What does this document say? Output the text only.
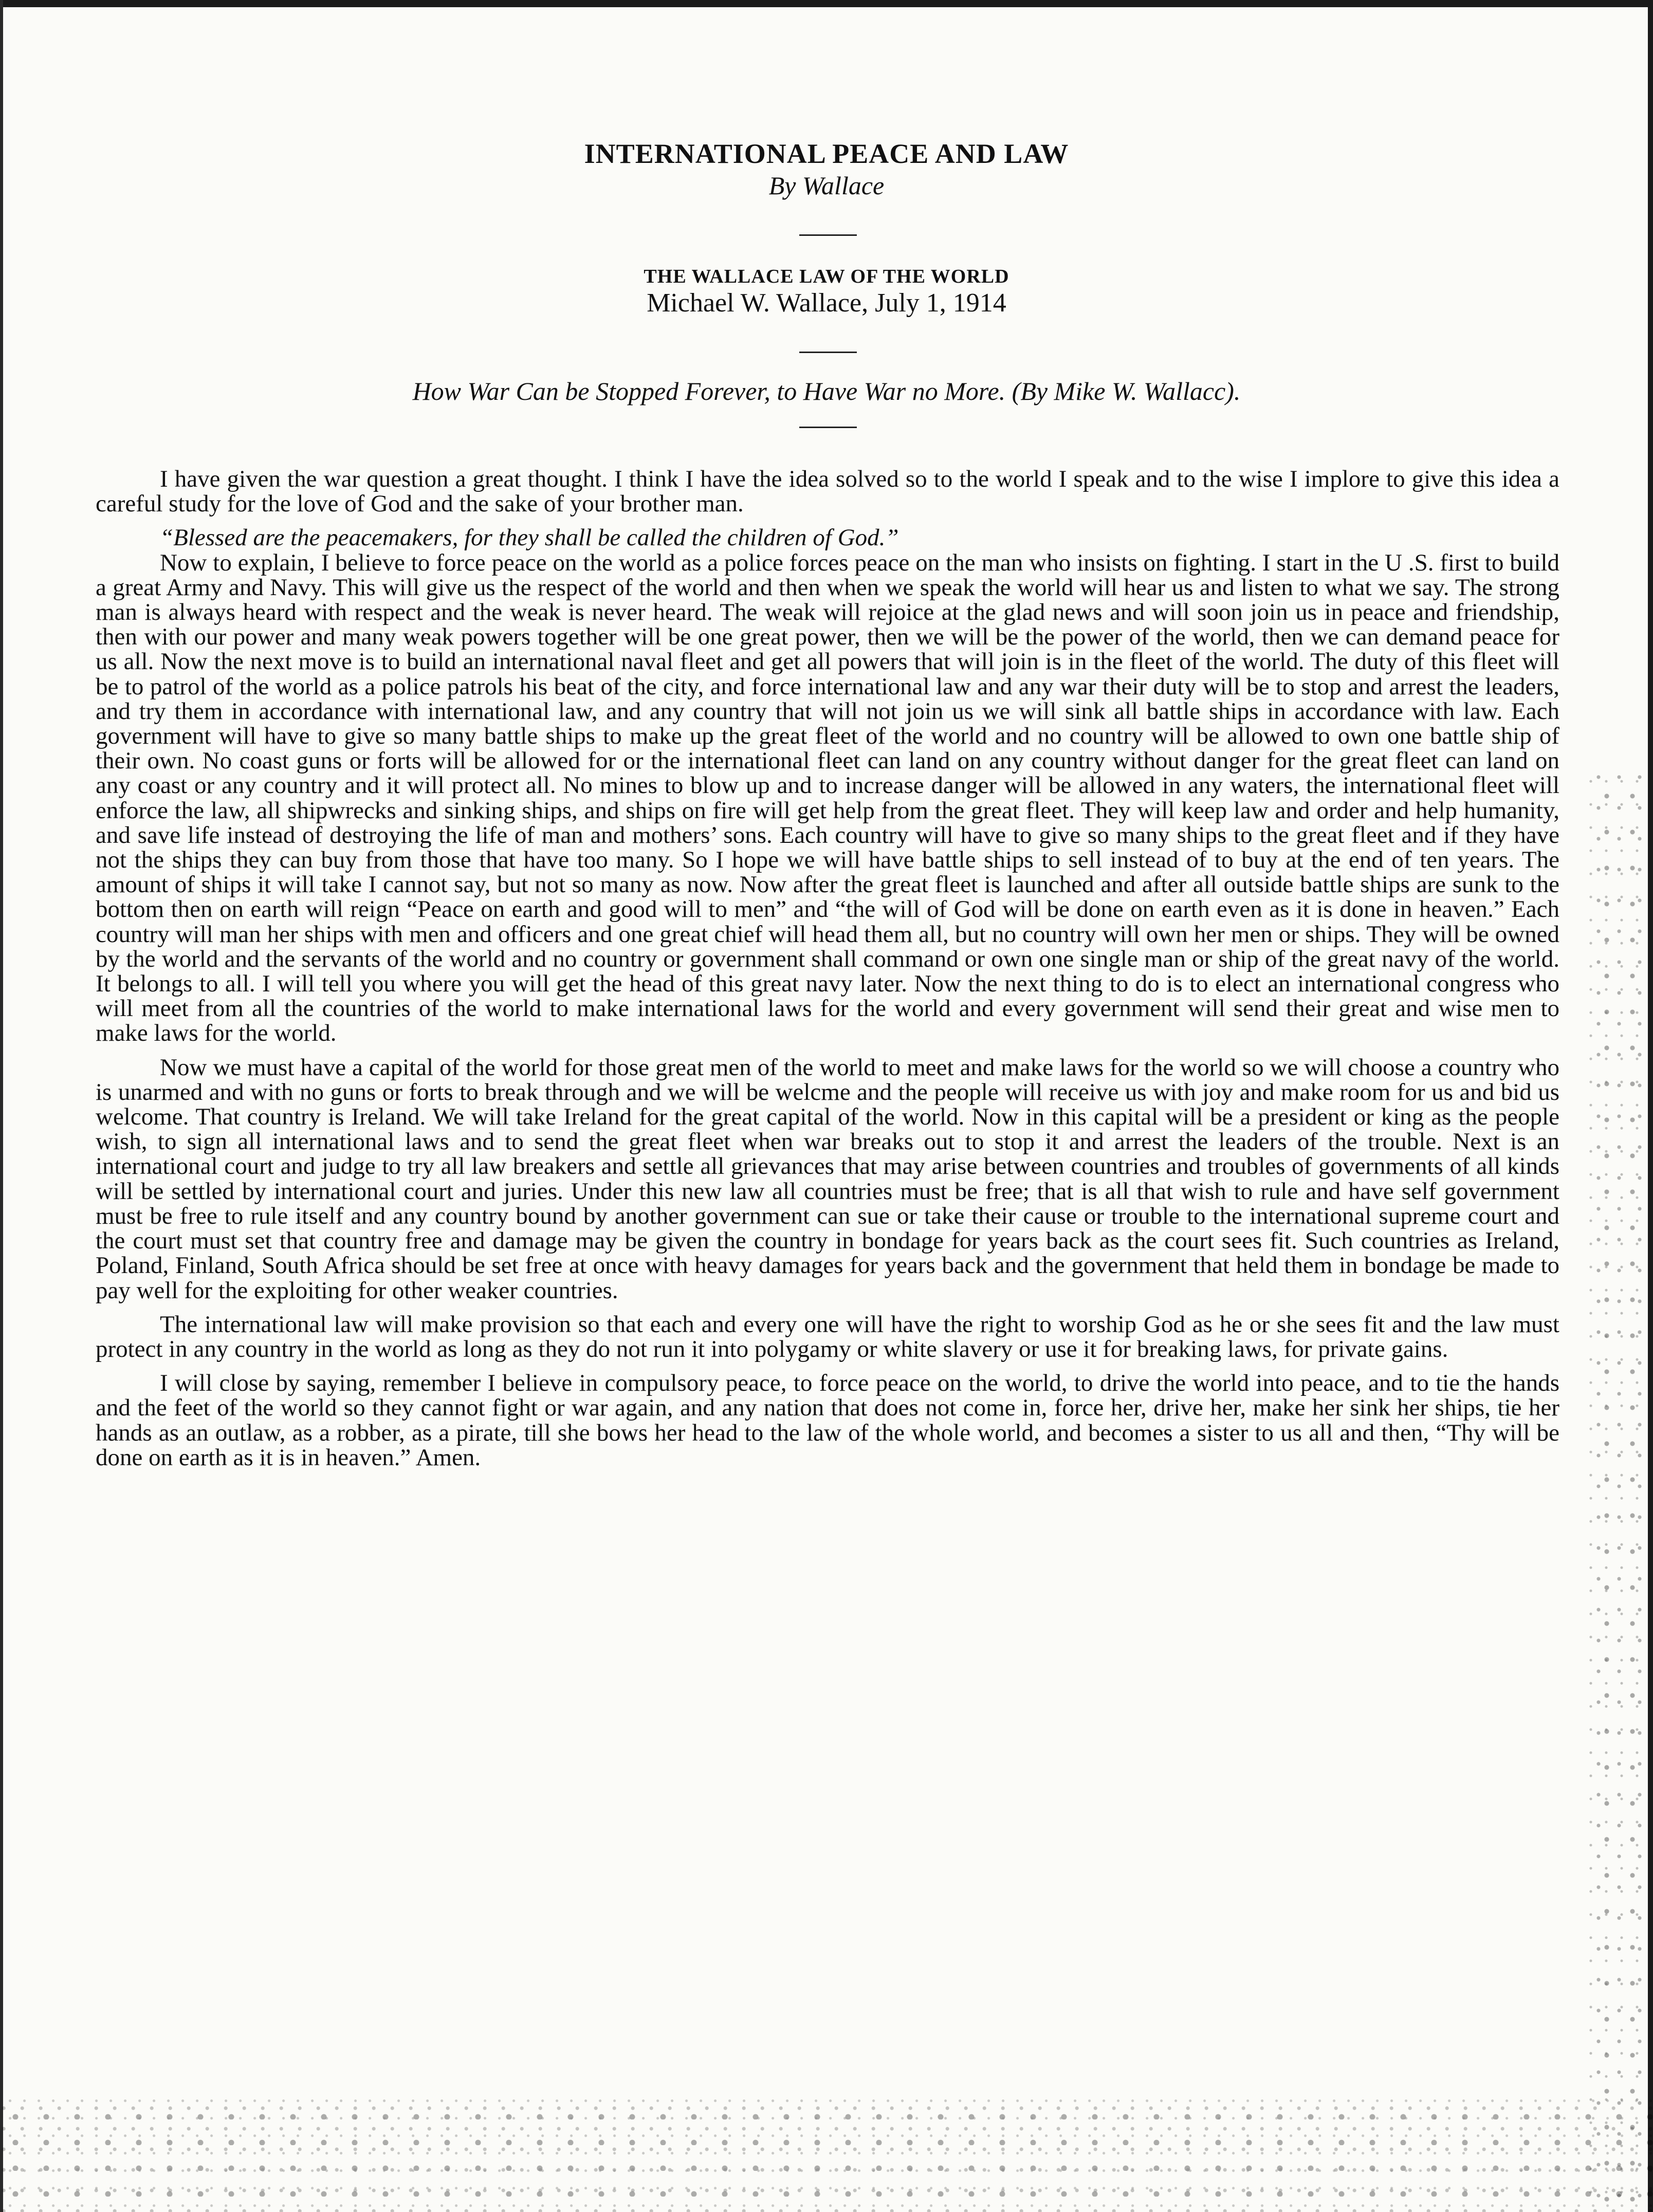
INTERNATIONAL PEACE AND LAW
By Wallace
THE WALLACE LAW OF THE WORLD
Michael W. Wallace, July 1, 1914
How War Can be Stopped Forever, to Have War no More. (By Mike W. Wallacc).

I have given the war question a great thought. I think I have the idea solved so to the world I speak and to the wise I implore to give this idea a careful study for the love of God and the sake of your brother man.

“Blessed are the peacemakers, for they shall be called the children of God.”

Now to explain, I believe to force peace on the world as a police forces peace on the man who insists on fighting. I start in the U .S. first to build a great Army and Navy. This will give us the respect of the world and then when we speak the world will hear us and listen to what we say. The strong man is always heard with respect and the weak is never heard. The weak will rejoice at the glad news and will soon join us in peace and friendship, then with our power and many weak powers together will be one great power, then we will be the power of the world, then we can demand peace for us all. Now the next move is to build an international naval fleet and get all powers that will join is in the fleet of the world. The duty of this fleet will be to patrol of the world as a police patrols his beat of the city, and force international law and any war their duty will be to stop and arrest the leaders, and try them in accordance with international law, and any country that will not join us we will sink all battle ships in accordance with law. Each government will have to give so many battle ships to make up the great fleet of the world and no country will be allowed to own one battle ship of their own. No coast guns or forts will be allowed for or the international fleet can land on any country without danger for the great fleet can land on any coast or any country and it will protect all. No mines to blow up and to increase danger will be allowed in any waters, the international fleet will enforce the law, all shipwrecks and sinking ships, and ships on fire will get help from the great fleet. They will keep law and order and help humanity, and save life instead of destroying the life of man and mothers’ sons. Each country will have to give so many ships to the great fleet and if they have not the ships they can buy from those that have too many. So I hope we will have battle ships to sell instead of to buy at the end of ten years. The amount of ships it will take I cannot say, but not so many as now. Now after the great fleet is launched and after all outside battle ships are sunk to the bottom then on earth will reign “Peace on earth and good will to men” and “the will of God will be done on earth even as it is done in heaven.” Each country will man her ships with men and officers and one great chief will head them all, but no country will own her men or ships. They will be owned by the world and the servants of the world and no country or government shall command or own one single man or ship of the great navy of the world. It belongs to all. I will tell you where you will get the head of this great navy later. Now the next thing to do is to elect an international congress who will meet from all the countries of the world to make international laws for the world and every government will send their great and wise men to make laws for the world.

Now we must have a capital of the world for those great men of the world to meet and make laws for the world so we will choose a country who is unarmed and with no guns or forts to break through and we will be welcme and the people will receive us with joy and make room for us and bid us welcome. That country is Ireland. We will take Ireland for the great capital of the world. Now in this capital will be a president or king as the people wish, to sign all international laws and to send the great fleet when war breaks out to stop it and arrest the leaders of the trouble. Next is an international court and judge to try all law breakers and settle all grievances that may arise between countries and troubles of governments of all kinds will be settled by international court and juries. Under this new law all countries must be free; that is all that wish to rule and have self government must be free to rule itself and any country bound by another government can sue or take their cause or trouble to the international supreme court and the court must set that country free and damage may be given the country in bondage for years back as the court sees fit. Such countries as Ireland, Poland, Finland, South Africa should be set free at once with heavy damages for years back and the government that held them in bondage be made to pay well for the exploiting for other weaker countries.

The international law will make provision so that each and every one will have the right to worship God as he or she sees fit and the law must protect in any country in the world as long as they do not run it into polygamy or white slavery or use it for breaking laws, for private gains.

I will close by saying, remember I believe in compulsory peace, to force peace on the world, to drive the world into peace, and to tie the hands and the feet of the world so they cannot fight or war again, and any nation that does not come in, force her, drive her, make her sink her ships, tie her hands as an outlaw, as a robber, as a pirate, till she bows her head to the law of the whole world, and becomes a sister to us all and then, “Thy will be done on earth as it is in heaven.” Amen.
